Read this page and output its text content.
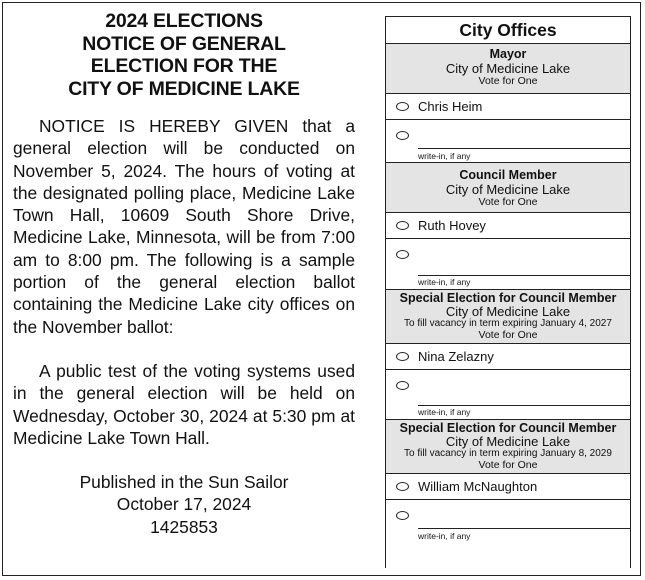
2024 ELECTIONS
NOTICE OF GENERAL
ELECTION FOR THE
CITY OF MEDICINE LAKE

NOTICE IS HEREBY GIVEN that a general election will be conducted on November 5, 2024. The hours of voting at the designated polling place, Medicine Lake Town Hall, 10609 South Shore Drive, Medicine Lake, Minnesota, will be from 7:00 am to 8:00 pm. The following is a sample portion of the general election ballot containing the Medicine Lake city offices on the November ballot:

A public test of the voting systems used in the general election will be held on Wednesday, October 30, 2024 at 5:30 pm at Medicine Lake Town Hall.

Published in the Sun Sailor
October 17, 2024
1425853
City Offices
Mayor
City of Medicine Lake
Vote for One
Chris Heim
write-in, if any
Council Member
City of Medicine Lake
Vote for One
Ruth Hovey
write-in, if any
Special Election for Council Member
City of Medicine Lake
To fill vacancy in term expiring January 4, 2027
Vote for One
Nina Zelazny
write-in, if any
Special Election for Council Member
City of Medicine Lake
To fill vacancy in term expiring January 8, 2029
Vote for One
William McNaughton
write-in, if any
